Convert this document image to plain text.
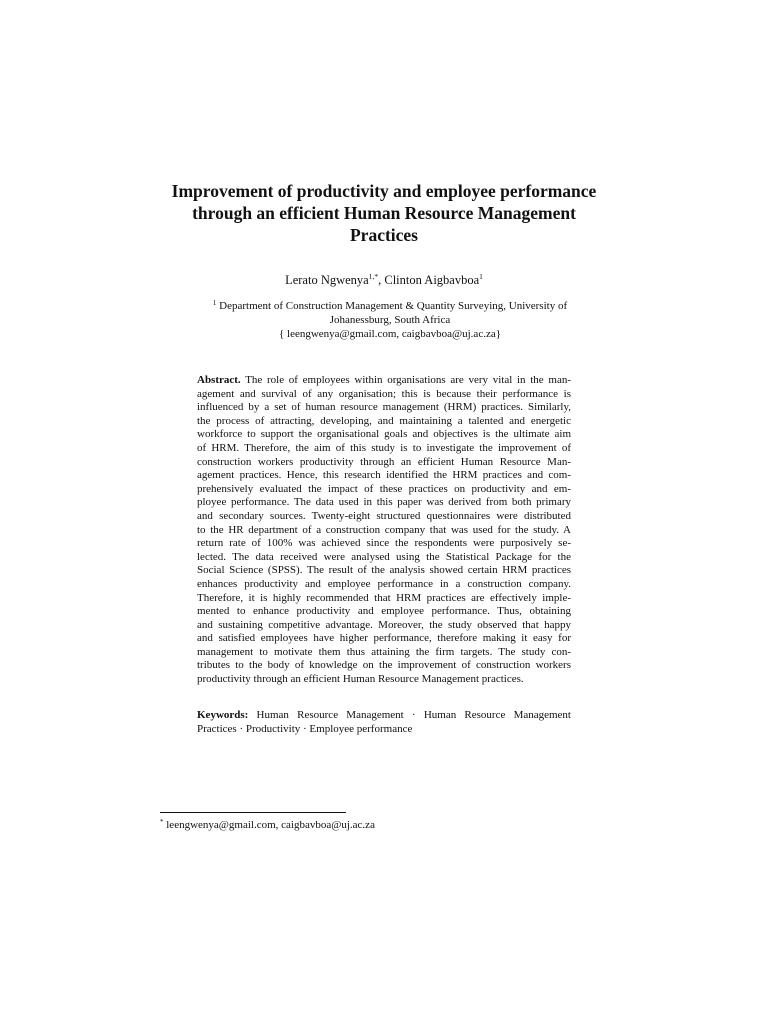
Improvement of productivity and employee performance
through an efficient Human Resource Management
Practices
Lerato Ngwenya$^{1,*}$, Clinton Aigbavboa$^1$
$^1$ Department of Construction Management & Quantity Surveying, University of
Johanessburg, South Africa
{ leengwenya@gmail.com, caigbavboa@uj.ac.za}
Abstract. The role of employees within organisations are very vital in the man-
agement and survival of any organisation; this is because their performance is
influenced by a set of human resource management (HRM) practices. Similarly,
the process of attracting, developing, and maintaining a talented and energetic
workforce to support the organisational goals and objectives is the ultimate aim
of HRM. Therefore, the aim of this study is to investigate the improvement of
construction workers productivity through an efficient Human Resource Man-
agement practices. Hence, this research identified the HRM practices and com-
prehensively evaluated the impact of these practices on productivity and em-
ployee performance. The data used in this paper was derived from both primary
and secondary sources. Twenty-eight structured questionnaires were distributed
to the HR department of a construction company that was used for the study. A
return rate of 100% was achieved since the respondents were purposively se-
lected. The data received were analysed using the Statistical Package for the
Social Science (SPSS). The result of the analysis showed certain HRM practices
enhances productivity and employee performance in a construction company.
Therefore, it is highly recommended that HRM practices are effectively imple-
mented to enhance productivity and employee performance. Thus, obtaining
and sustaining competitive advantage. Moreover, the study observed that happy
and satisfied employees have higher performance, therefore making it easy for
management to motivate them thus attaining the firm targets. The study con-
tributes to the body of knowledge on the improvement of construction workers
productivity through an efficient Human Resource Management practices.
Keywords: Human Resource Management · Human Resource Management
Practices · Productivity · Employee performance
* leengwenya@gmail.com, caigbavboa@uj.ac.za
